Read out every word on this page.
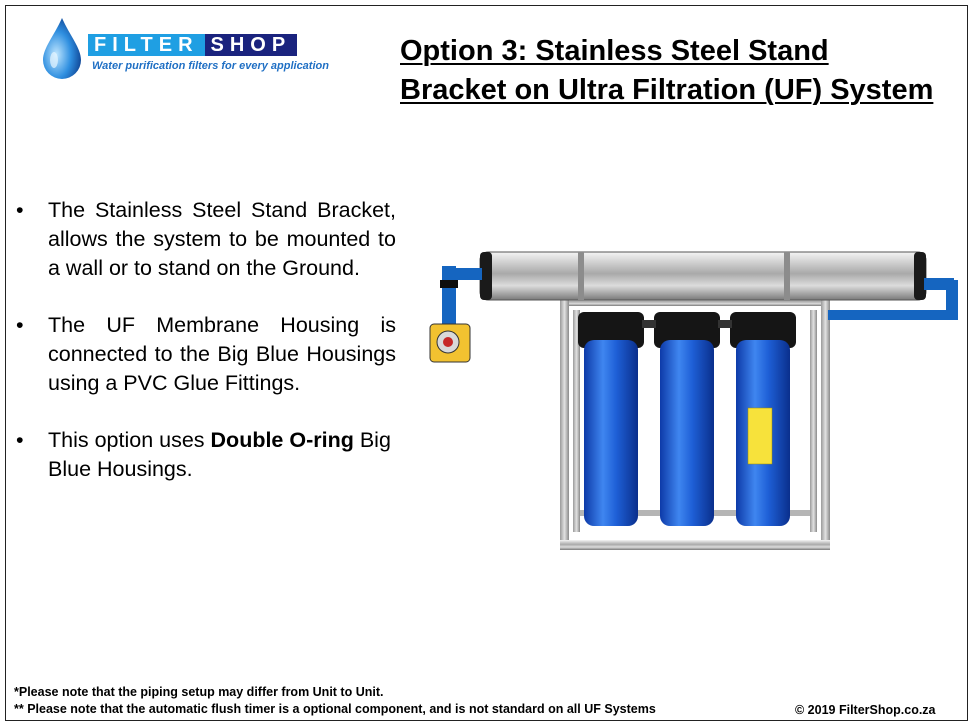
FILTER SHOP
Water purification filters for every application Option 3: Stainless Steel Stand Bracket on Ultra Filtration (UF) System
• The Stainless Steel Stand Bracket, allows the system to be mounted to a wall or to stand on the Ground.
• The UF Membrane Housing is connected to the Big Blue Housings using a PVC Glue Fittings.
• This option uses Double O-ring Big Blue Housings.
*Please note that the piping setup may differ from Unit to Unit.
** Please note that the automatic flush timer is a optional component, and is not standard on all UF Systems	© 2019 FilterShop.co.za
